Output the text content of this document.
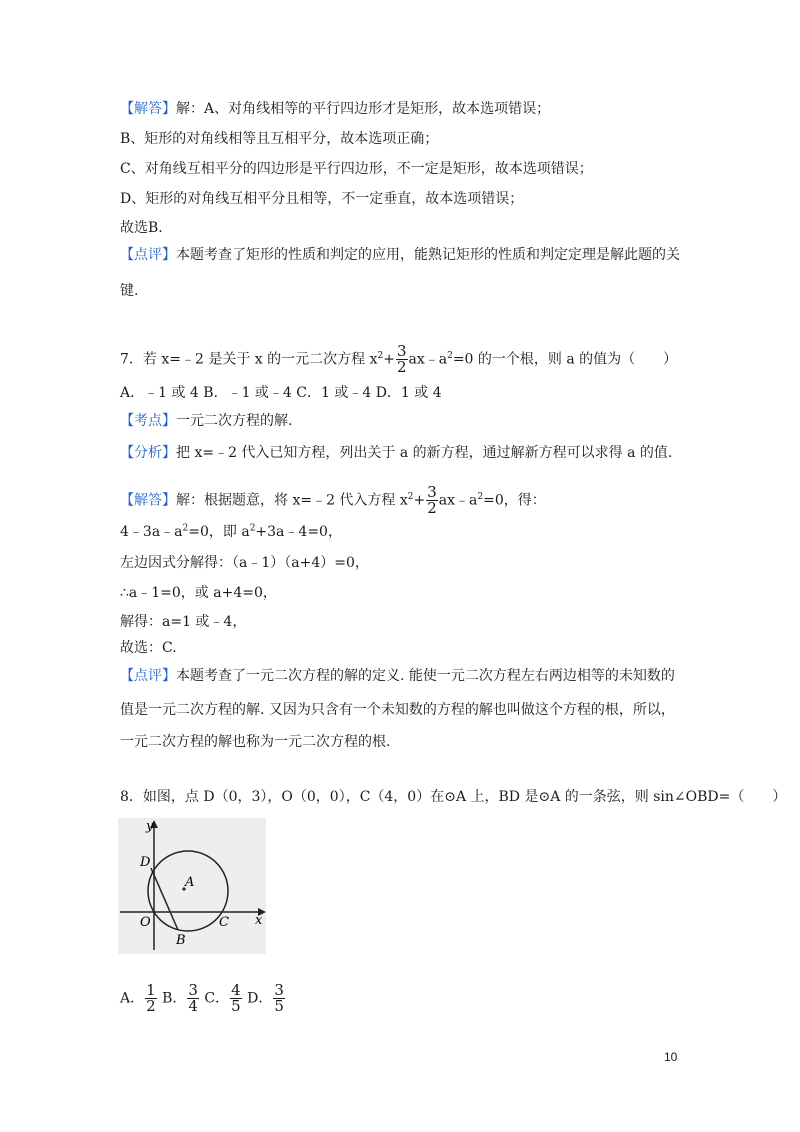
【解答】解：A、对角线相等的平行四边形才是矩形，故本选项错误；
B、矩形的对角线相等且互相平分，故本选项正确；
C、对角线互相平分的四边形是平行四边形，不一定是矩形，故本选项错误；
D、矩形的对角线互相平分且相等，不一定垂直，故本选项错误；
故选B.
【点评】本题考查了矩形的性质和判定的应用，能熟记矩形的性质和判定定理是解此题的关
键.
7．若 x=﹣2 是关于 x 的一元二次方程 $x^2+ \frac{3}{2}$ $ax﹣a^2=0$ 的一个根，则 a 的值为（　　）
A．﹣1 或 4 B．﹣1 或﹣4 C．1 或﹣4 D．1 或 4
【考点】一元二次方程的解.
【分析】把 x=﹣2 代入已知方程，列出关于 a 的新方程，通过解新方程可以求得 a 的值.
【解答】解：根据题意，将 x=﹣2 代入方程 $x^2+ \frac{3}{2}$ $ax﹣a^2=0$，得：
$4﹣3a﹣a^2=0$，即 $a^2+3a﹣4=0$，
左边因式分解得：（a﹣1）（a+4）=0，
∴a﹣1=0，或 a+4=0，
解得：a=1 或﹣4，
故选：C.
【点评】本题考查了一元二次方程的解的定义. 能使一元二次方程左右两边相等的未知数的
值是一元二次方程的解. 又因为只含有一个未知数的方程的解也叫做这个方程的根，所以，
一元二次方程的解也称为一元二次方程的根.
8．如图，点 D（0，3），O（0，0），C（4，0）在⊙A 上，BD 是⊙A 的一条弦，则 sin∠OBD=（　　）
y
x
D
A
O	C
B
A． $\frac{1}{2}$ B． $\frac{3}{4}$ C． $\frac{4}{5}$ D． $\frac{3}{5}$
10
